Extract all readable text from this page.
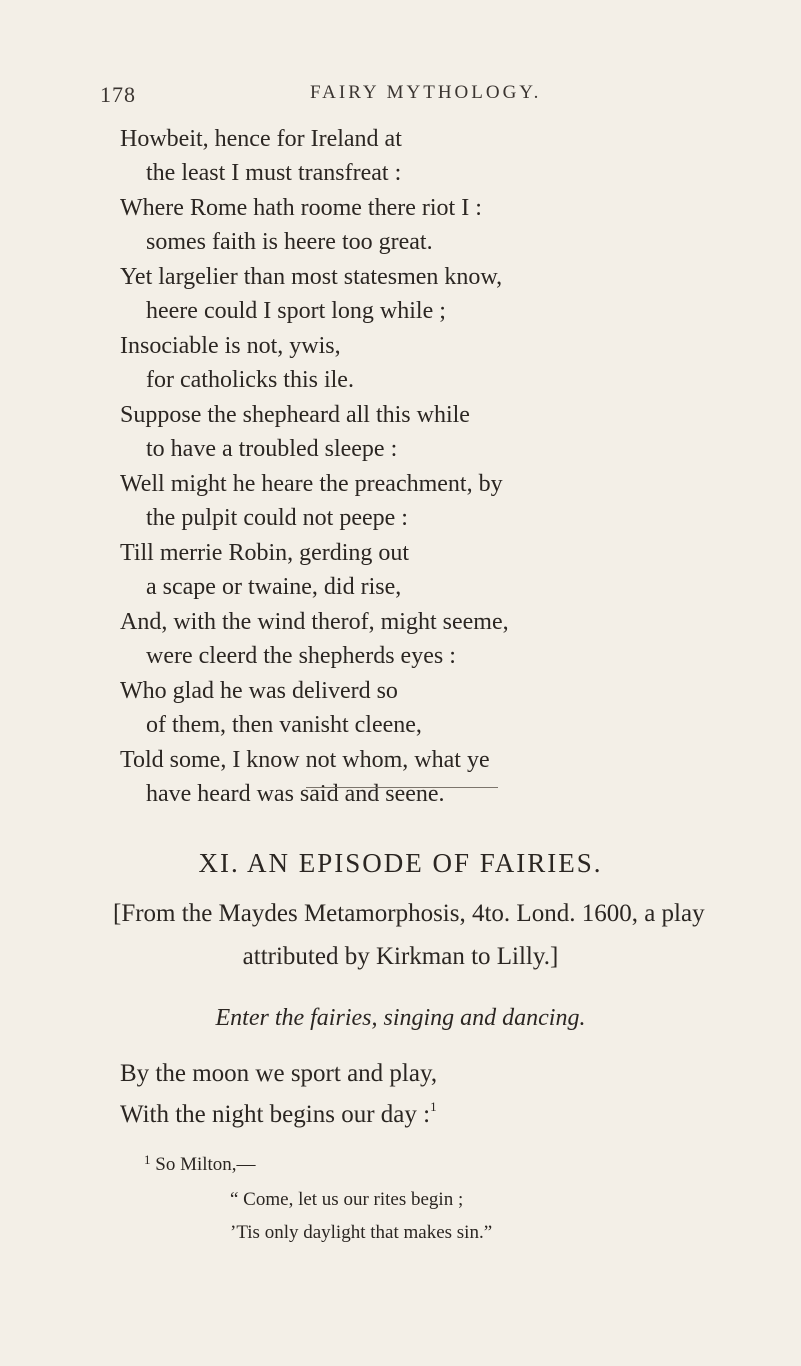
178	FAIRY MYTHOLOGY.
Howbeit, hence for Ireland at
the least I must transfreat :
Where Rome hath roome there riot I :
somes faith is heere too great.
Yet largelier than most statesmen know,
heere could I sport long while ;
Insociable is not, ywis,
for catholicks this ile.
Suppose the shepheard all this while
to have a troubled sleepe :
Well might he heare the preachment, by
the pulpit could not peepe :
Till merrie Robin, gerding out
a scape or twaine, did rise,
And, with the wind therof, might seeme,
were cleerd the shepherds eyes :
Who glad he was deliverd so
of them, then vanisht cleene,
Told some, I know not whom, what ye
have heard was said and seene.
XI. AN EPISODE OF FAIRIES.
[From the Maydes Metamorphosis, 4to. Lond. 1600, a play
attributed by Kirkman to Lilly.]
Enter the fairies, singing and dancing.
By the moon we sport and play,
With the night begins our day :$^1$
$^1$ So Milton,—
“ Come, let us our rites begin ;
’Tis only daylight that makes sin.”
